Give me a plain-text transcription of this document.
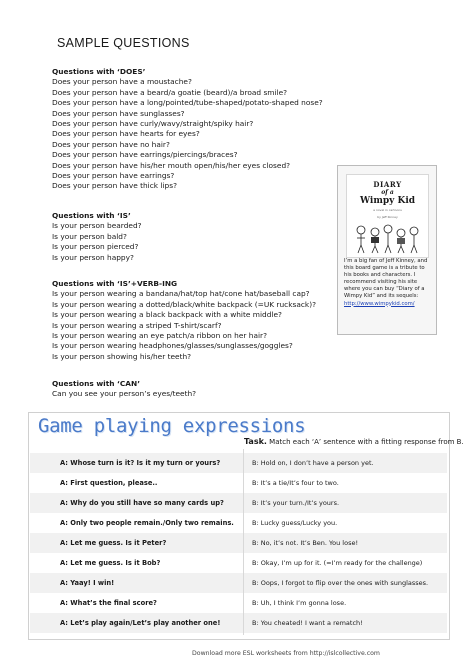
SAMPLE QUESTIONS
Questions with ‘DOES’
Does your person have a moustache?
Does your person have a beard/a goatie (beard)/a broad smile?
Does your person have a long/pointed/tube-shaped/potato-shaped nose?
Does your person have sunglasses?
Does your person have curly/wavy/straight/spiky hair?
Does your person have hearts for eyes?
Does your person have no hair?
Does your person have earrings/piercings/braces?
Does your person have his/her mouth open/his/her eyes closed?
Does your person have earrings?
Does your person have thick lips?
Questions with ‘IS’
Is your person bearded?
Is your person bald?
Is your person pierced?
Is your person happy?
Questions with ‘IS’+VERB-ING
Is your person wearing a bandana/hat/top hat/cone hat/baseball cap?
Is your person wearing a dotted/black/white backpack (=UK rucksack)?
Is your person wearing a black backpack with a white middle?
Is your person wearing a striped T-shirt/scarf?
Is your person wearing an eye patch/a ribbon on her hair?
Is your person wearing headphones/glasses/sunglasses/goggles?
Is your person showing his/her teeth?
Questions with ‘CAN’
Can you see your person’s eyes/teeth?
DIARY
of a
Wimpy Kid
a novel in cartoons
by Jeff Kinney
I’m a big fan of Jeff Kinney, and this board game is a tribute to his books and characters. I recommend visiting his site where you can buy “Diary of a Wimpy Kid” and its sequels:
http://www.wimpykid.com/
Game playing expressions
Task. Match each ‘A’ sentence with a fitting response from B.
A: Whose turn is it? Is it my turn or yours?	B: Hold on, I don’t have a person yet.
A: First question, please..	B: It’s a tie/It’s four to two.
A: Why do you still have so many cards up?	B: It’s your turn./It’s yours.
A: Only two people remain./Only two remains.	B: Lucky guess/Lucky you.
A: Let me guess. Is it Peter?	B: No, it’s not. It’s Ben. You lose!
A: Let me guess. Is it Bob?	B: Okay, I’m up for it. (=I’m ready for the challenge)
A: Yaay! I win!	B: Oops, I forgot to flip over the ones with sunglasses.
A: What’s the final score?	B: Uh, I think I’m gonna lose.
A: Let’s play again/Let’s play another one!	B: You cheated! I want a rematch!
Download more ESL worksheets from http://islcollective.com
